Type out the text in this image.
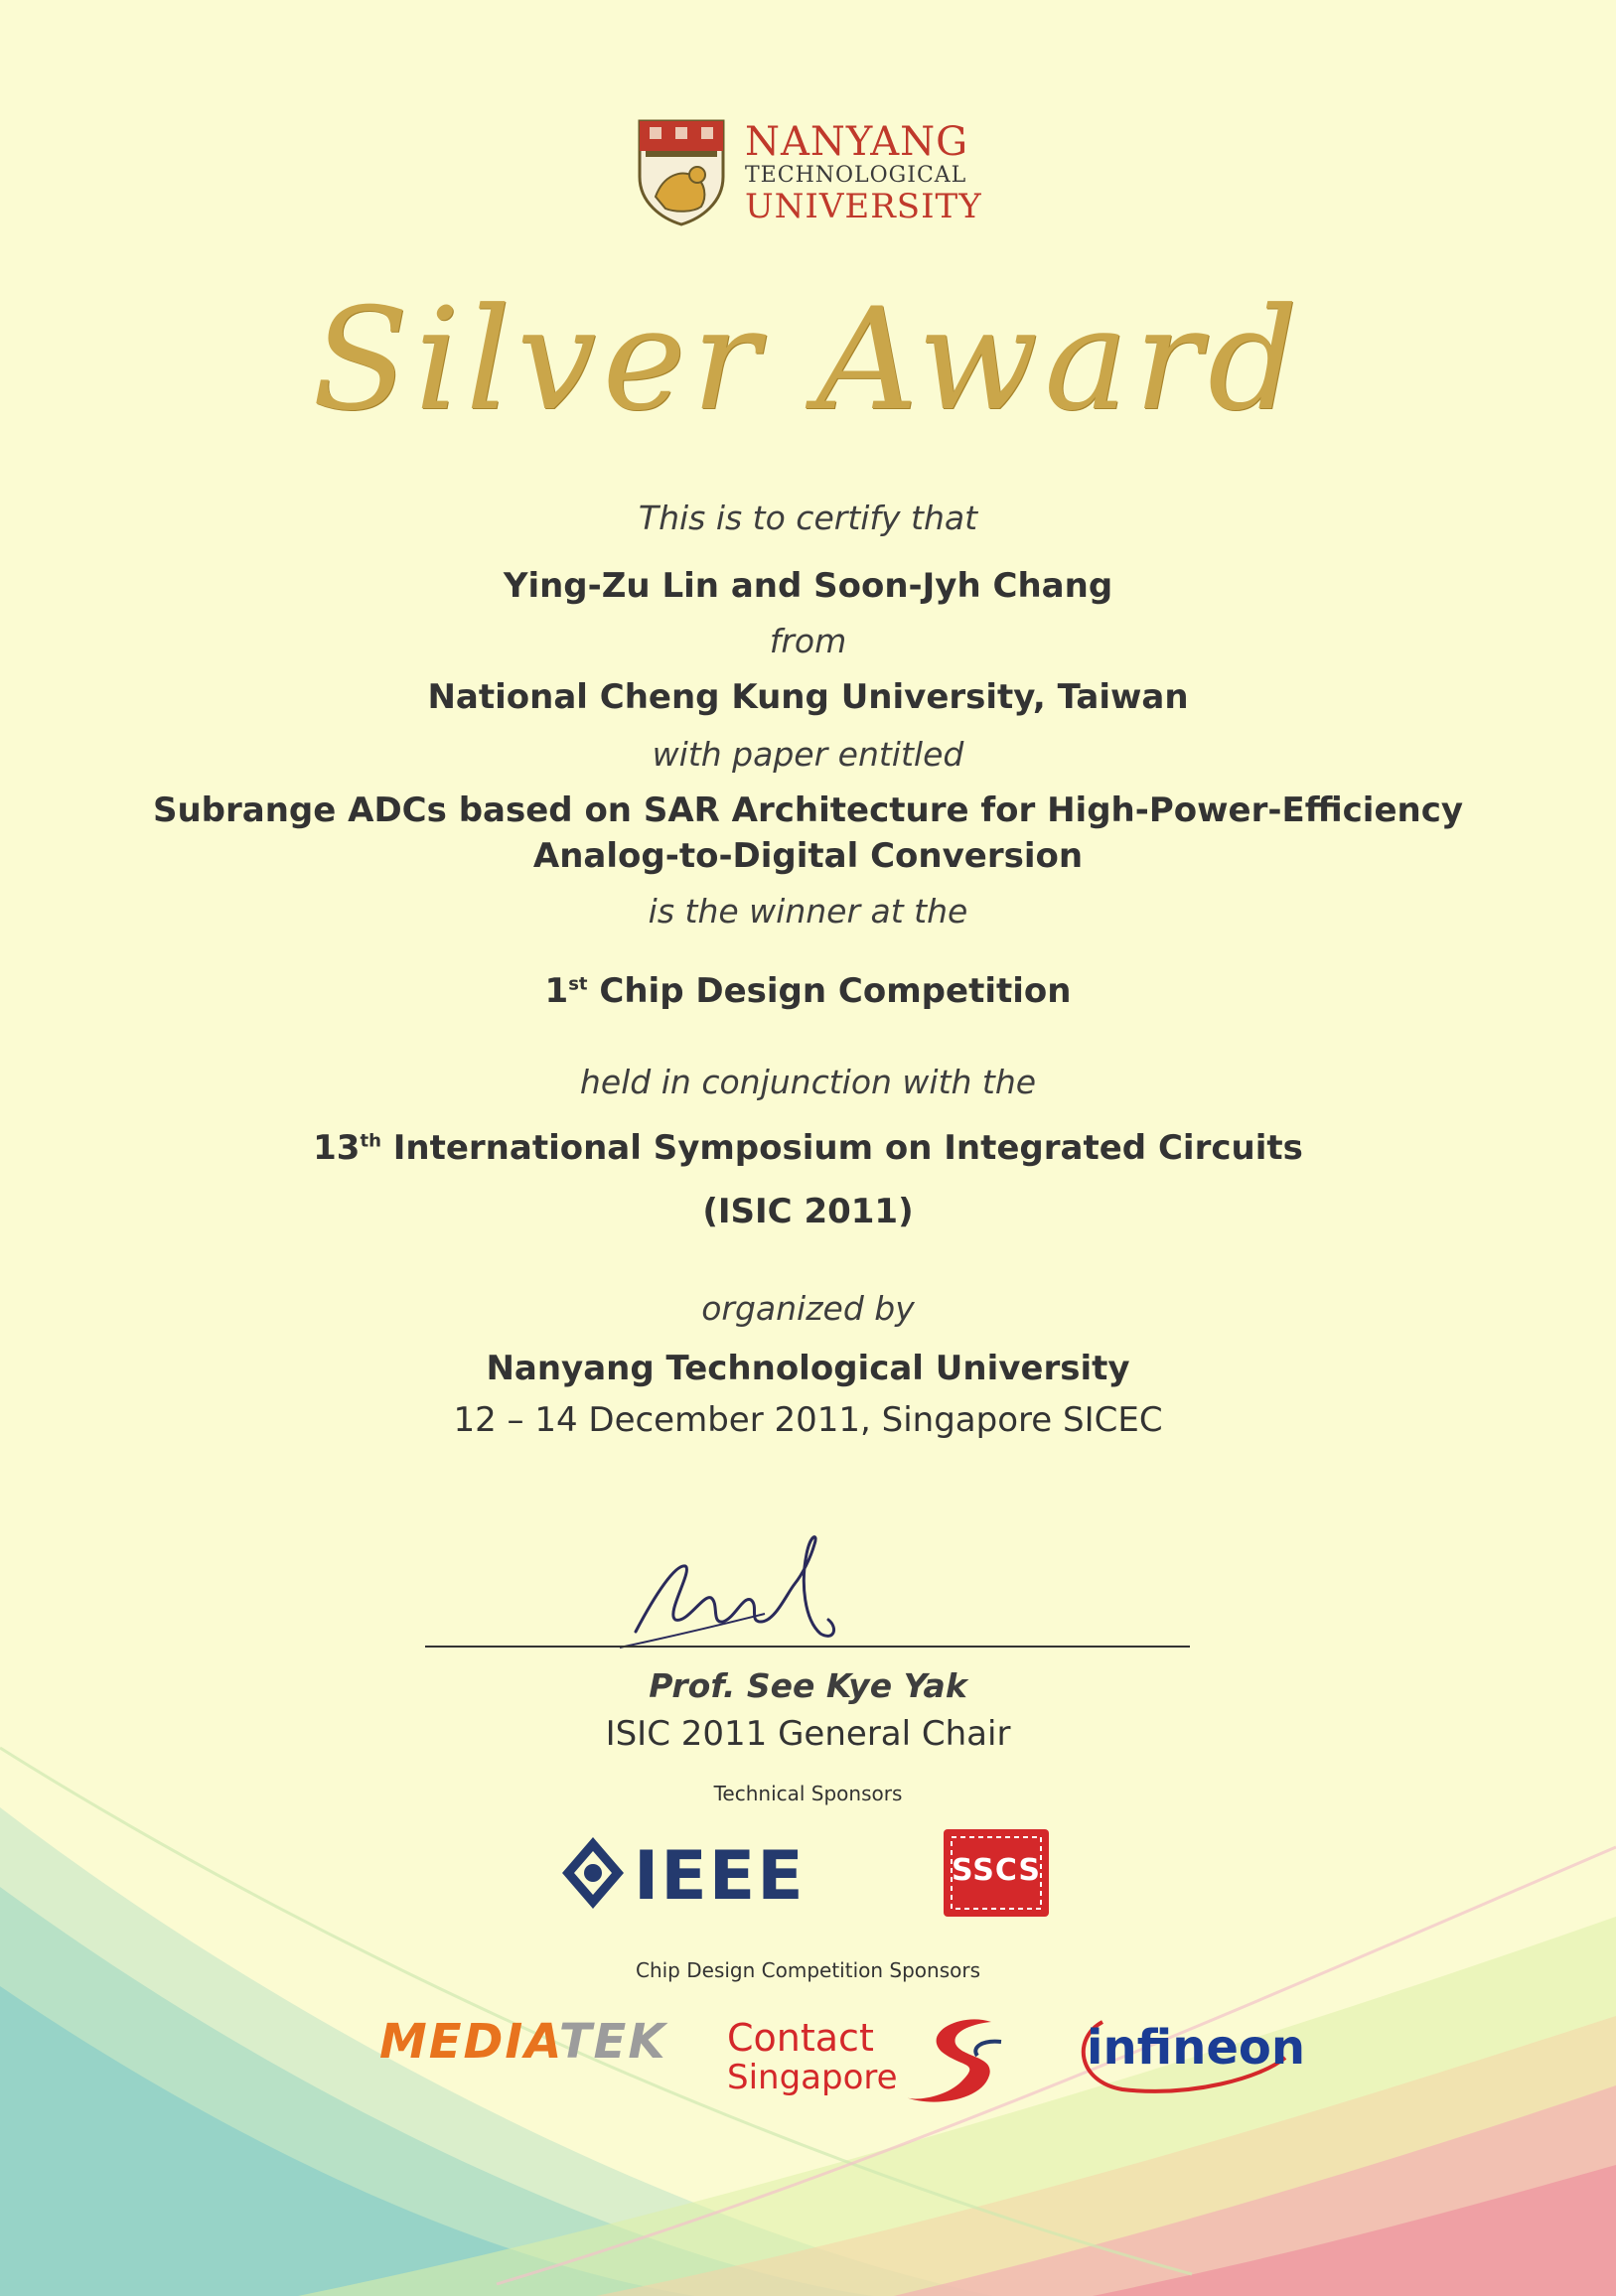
NANYANG
TECHNOLOGICAL
UNIVERSITY
Silver Award
This is to certify that
Ying-Zu Lin and Soon-Jyh Chang
from
National Cheng Kung University, Taiwan
with paper entitled
Subrange ADCs based on SAR Architecture for High-Power-Efficiency
Analog-to-Digital Conversion
is the winner at the
1st Chip Design Competition
held in conjunction with the
13th International Symposium on Integrated Circuits
(ISIC 2011)
organized by
Nanyang Technological University
12 – 14 December 2011, Singapore SICEC
Prof. See Kye Yak
ISIC 2011 General Chair
Technical Sponsors
IEEE	SSCS
Chip Design Competition Sponsors
MEDIATEK Contact
Singapore
infineon
